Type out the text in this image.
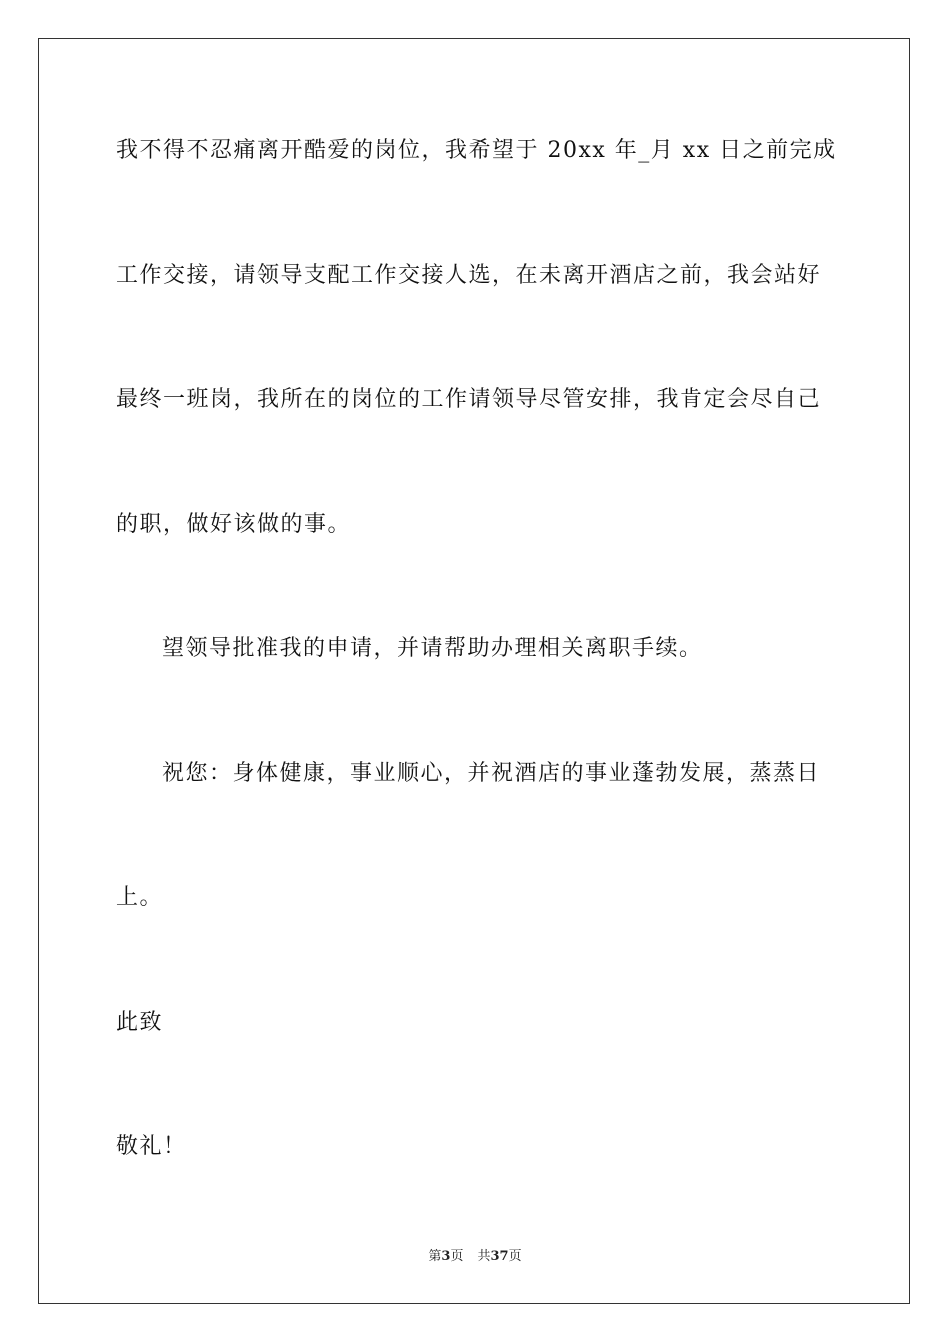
我不得不忍痛离开酷爱的岗位，我希望于 20xx 年_月 xx 日之前完成
工作交接，请领导支配工作交接人选，在未离开酒店之前，我会站好
最终一班岗，我所在的岗位的工作请领导尽管安排，我肯定会尽自己
的职，做好该做的事。
望领导批准我的申请，并请帮助办理相关离职手续。
祝您：身体健康，事业顺心，并祝酒店的事业蓬勃发展，蒸蒸日
上。
此致
敬礼！
第3页 共37页
